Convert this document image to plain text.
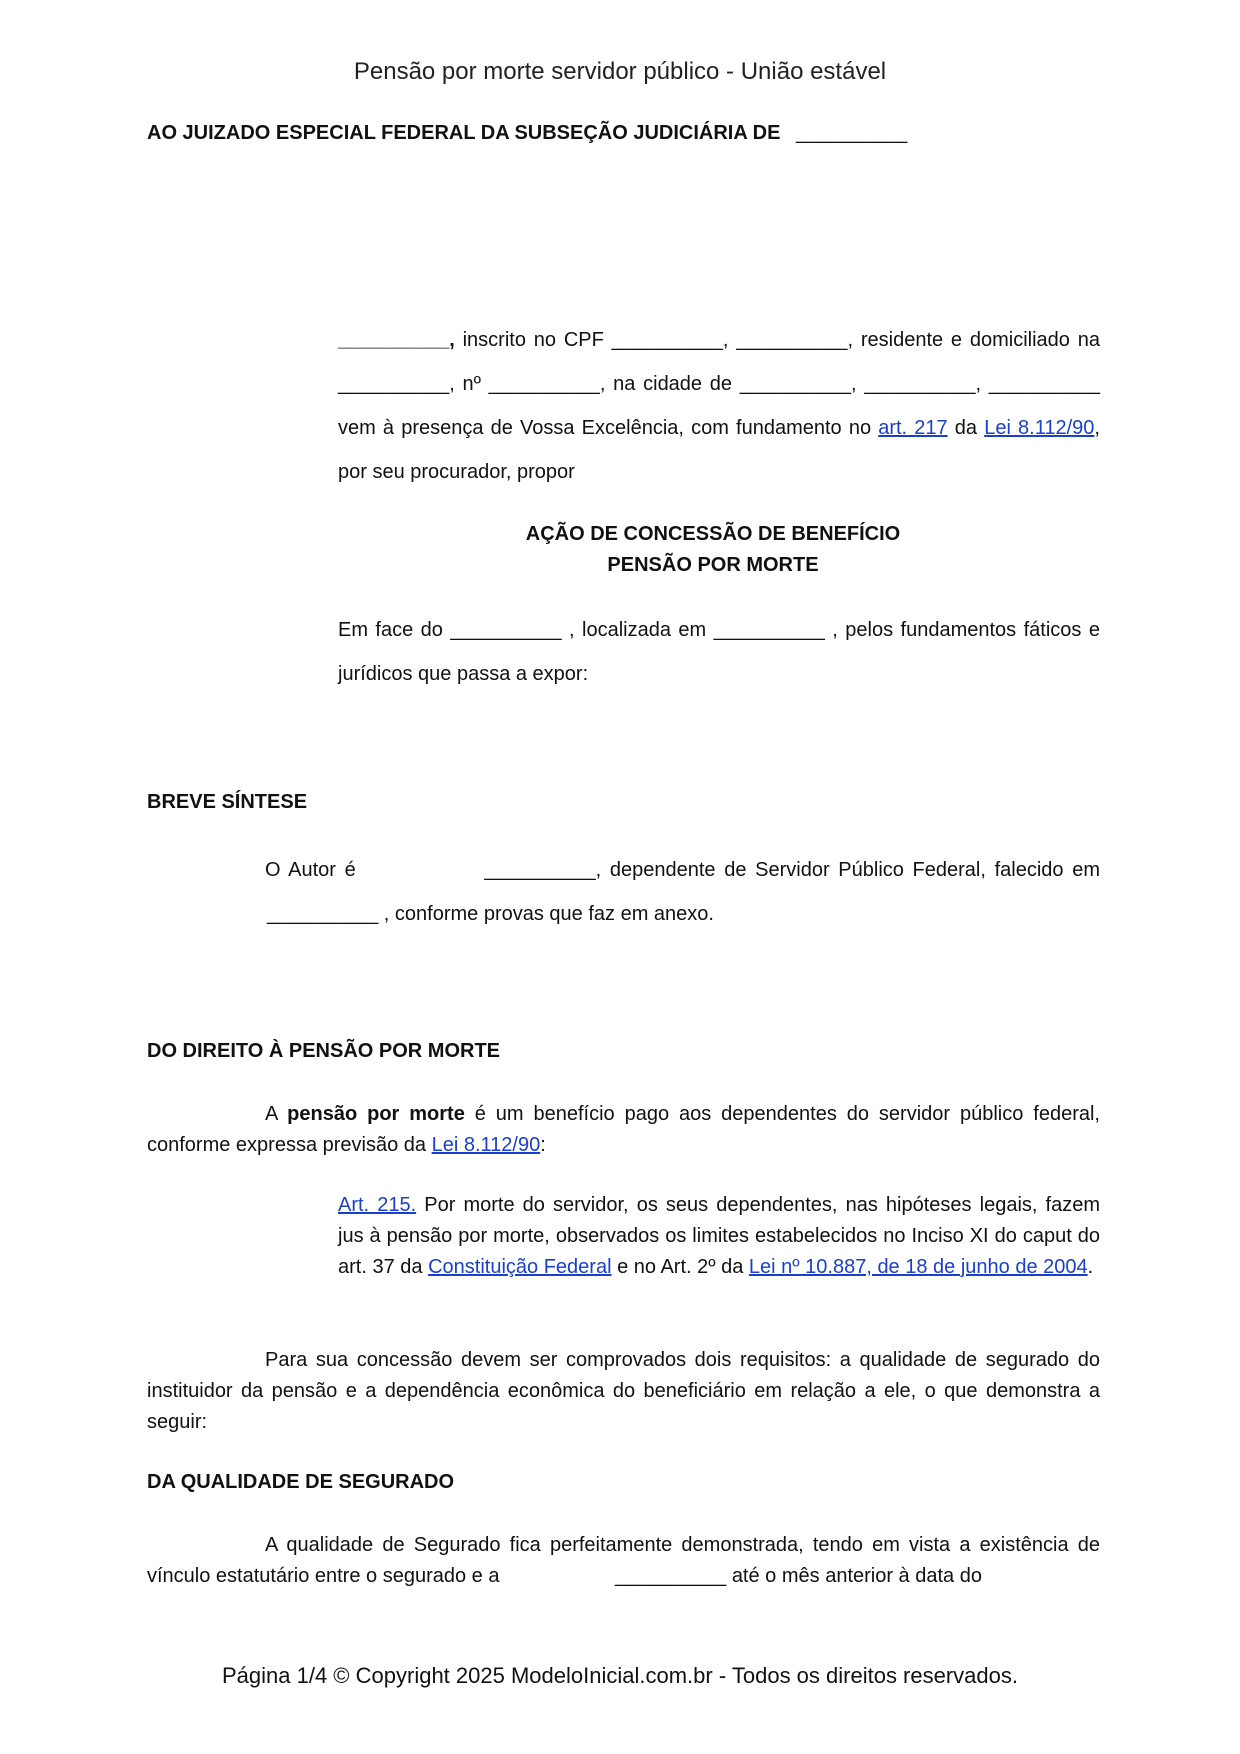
Pensão por morte servidor público - União estável

AO JUIZADO ESPECIAL FEDERAL DA SUBSEÇÃO JUDICIÁRIA DE __________

__________, inscrito no CPF __________, __________, residente e domiciliado na __________, nº __________, na cidade de __________, __________, __________ vem à presença de Vossa Excelência, com fundamento no art. 217 da Lei 8.112/90, por seu procurador, propor

AÇÃO DE CONCESSÃO DE BENEFÍCIO
PENSÃO POR MORTE

Em face do __________ , localizada em __________ , pelos fundamentos fáticos e jurídicos que passa a expor:

BREVE SÍNTESE

O Autor é	__________, dependente de Servidor Público Federal, falecido em __________ , conforme provas que faz em anexo.

DO DIREITO À PENSÃO POR MORTE

A pensão por morte é um benefício pago aos dependentes do servidor público federal, conforme expressa previsão da Lei 8.112/90:

Art. 215. Por morte do servidor, os seus dependentes, nas hipóteses legais, fazem jus à pensão por morte, observados os limites estabelecidos no Inciso XI do caput do art. 37 da Constituição Federal e no Art. 2º da Lei nº 10.887, de 18 de junho de 2004.

Para sua concessão devem ser comprovados dois requisitos: a qualidade de segurado do instituidor da pensão e a dependência econômica do beneficiário em relação a ele, o que demonstra a seguir:

DA QUALIDADE DE SEGURADO

A qualidade de Segurado fica perfeitamente demonstrada, tendo em vista a existência de vínculo estatutário entre o segurado e a	__________ até o mês anterior à data do

Página 1/4 © Copyright 2025 ModeloInicial.com.br - Todos os direitos reservados.
